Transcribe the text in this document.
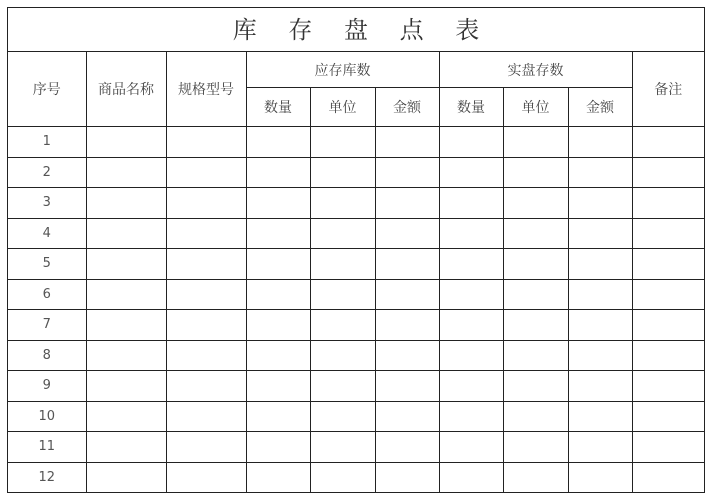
库 存 盘 点 表
序号	商品名称	规格型号	应存库数			实盘存数			备注
			数量	单位	金额	数量	单位	金额	
1									
2									
3									
4									
5									
6									
7									
8									
9									
10									
11									
12									
